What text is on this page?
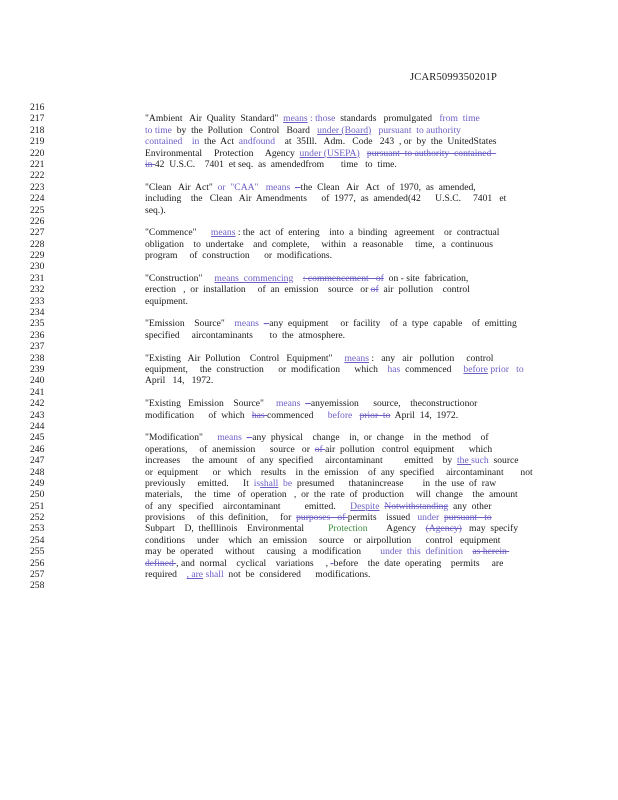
JCAR5099350201P
216
217
218
219
220
221
222
223
224
225
226
227
228
229
230
231
232
233
234
235
236
237
238
239
240
241
242
243
244
245
246
247
248
249
250
251
252
253
254
255
256
257
258
"Ambient   Air  Quality  Standard"  means : those  standards   promulgated   from  time
to time  by  the  Pollution   Control   Board   under (Board) pursuant  to authority
contained    in  the  Act  andfound    at  35Ill.   Adm.   Code   243  , or  by  the  UnitedStates
Environmental     Protection     Agency  under (USEPA) pursuant  to authority  contained
in 42  U.S.C.    7401  et seq.  as  amendedfrom       time   to  time.
"Clean   Air  Act"  or  "CAA" means - the  Clean   Air   Act   of  1970,  as  amended,
including    the   Clean   Air  Amendments      of  1977,  as  amended(42      U.S.C.     7401   et
seq.).
"Commence"      means : the  act  of  entering    into  a  binding   agreement    or  contractual
obligation    to  undertake    and  complete,     within   a  reasonable     time,   a  continuous
program     of  construction      or  modifications.
"Construction"     means  commencing : commencement   of  on - site  fabrication,
erection   ,  or  installation     of  an  emission    source   or of  air  pollution    control
equipment.
"Emission    Source"    means - any  equipment     or  facility    of  a  type  capable    of  emitting
specified     aircontaminants       to  the  atmosphere.
"Existing   Air  Pollution    Control   Equipment"     means :   any   air   pollution     control
equipment,     the  construction      or  modification      which    has  commenced     before prior to
April   14,   1972.
"Existing   Emission    Source"     means - anyemission      source,    theconstructionor
modification      of  which   has commenced      before prior  to  April  14,  1972.
"Modification"      means - any  physical    change    in,  or  change    in  the  method    of
operations,     of  anemission      source   or  of air  pollution   control  equipment      which
increases     the  amount    of  any  specified     aircontaminant         emitted    by  the such  source
or  equipment      or   which    results    in  the  emission    of  any  specified     aircontaminant       not
previously     emitted.      It  isshall be  presumed      thatanincrease        in  the  use  of  raw
materials,     the   time   of  operation   ,  or  the  rate  of  production     will  change    the  amount
of  any   specified    aircontaminant          emitted.      Despite Notwithstanding  any  other
provisions     of  this  definition,     for  purposes   of permits    issued   under pursuant   to
Subpart    D,  theIllinois    Environmental          Protection        Agency    (Agency)   may  specify
conditions     under    which   an  emission     source    or  airpollution      control   equipment
may  be  operated     without     causing   a  modification        under  this  definition as herein
defined , and  normal    cyclical    variations     , -before    the  date  operating    permits     are
required    , are shall  not  be  considered      modifications.
